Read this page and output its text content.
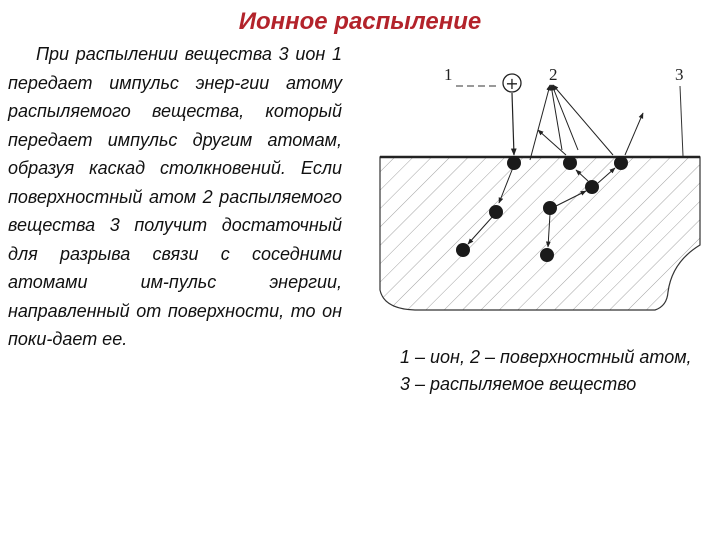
Ионное распыление

При распылении вещества 3 ион 1 передает импульс энер-гии атому распыляемого вещества, который передает импульс другим атомам, образуя каскад столкновений. Если поверхностный атом 2 распыляемого вещества 3 получит достаточный для разрыва связи с соседними атомами им-пульс энергии, направленный от поверхности, то он поки-дает ее.

1	2	3
+

1 – ион, 2 – поверхностный атом, 3 – распыляемое вещество
